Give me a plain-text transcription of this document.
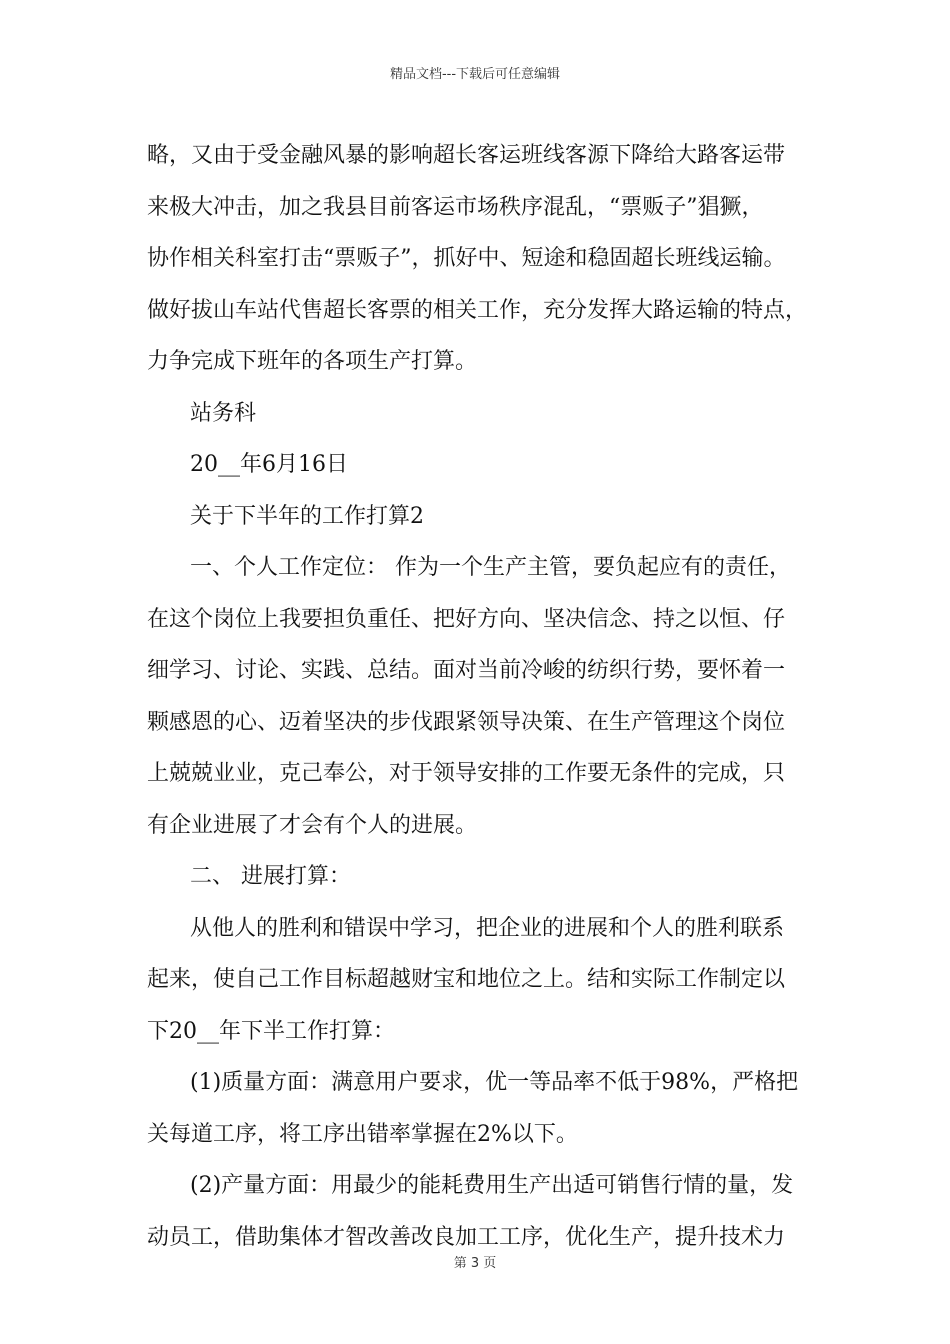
精品文档---下载后可任意编辑

略，又由于受金融风暴的影响超长客运班线客源下降给大路客运带

来极大冲击，加之我县目前客运市场秩序混乱，“票贩子”猖獗，

协作相关科室打击“票贩子”，抓好中、短途和稳固超长班线运输。

做好拔山车站代售超长客票的相关工作，充分发挥大路运输的特点，

力争完成下班年的各项生产打算。

站务科

20__年6月16日

关于下半年的工作打算2

一、个人工作定位： 作为一个生产主管，要负起应有的责任，

在这个岗位上我要担负重任、把好方向、坚决信念、持之以恒、仔

细学习、讨论、实践、总结。面对当前冷峻的纺织行势，要怀着一

颗感恩的心、迈着坚决的步伐跟紧领导决策、在生产管理这个岗位

上兢兢业业，克己奉公，对于领导安排的工作要无条件的完成，只

有企业进展了才会有个人的进展。

二、 进展打算：

从他人的胜利和错误中学习，把企业的进展和个人的胜利联系

起来，使自己工作目标超越财宝和地位之上。结和实际工作制定以

下20__年下半工作打算：

(1)质量方面：满意用户要求，优一等品率不低于98%，严格把

关每道工序，将工序出错率掌握在2%以下。

(2)产量方面：用最少的能耗费用生产出适可销售行情的量，发

动员工，借助集体才智改善改良加工工序，优化生产，提升技术力

第 3 页
